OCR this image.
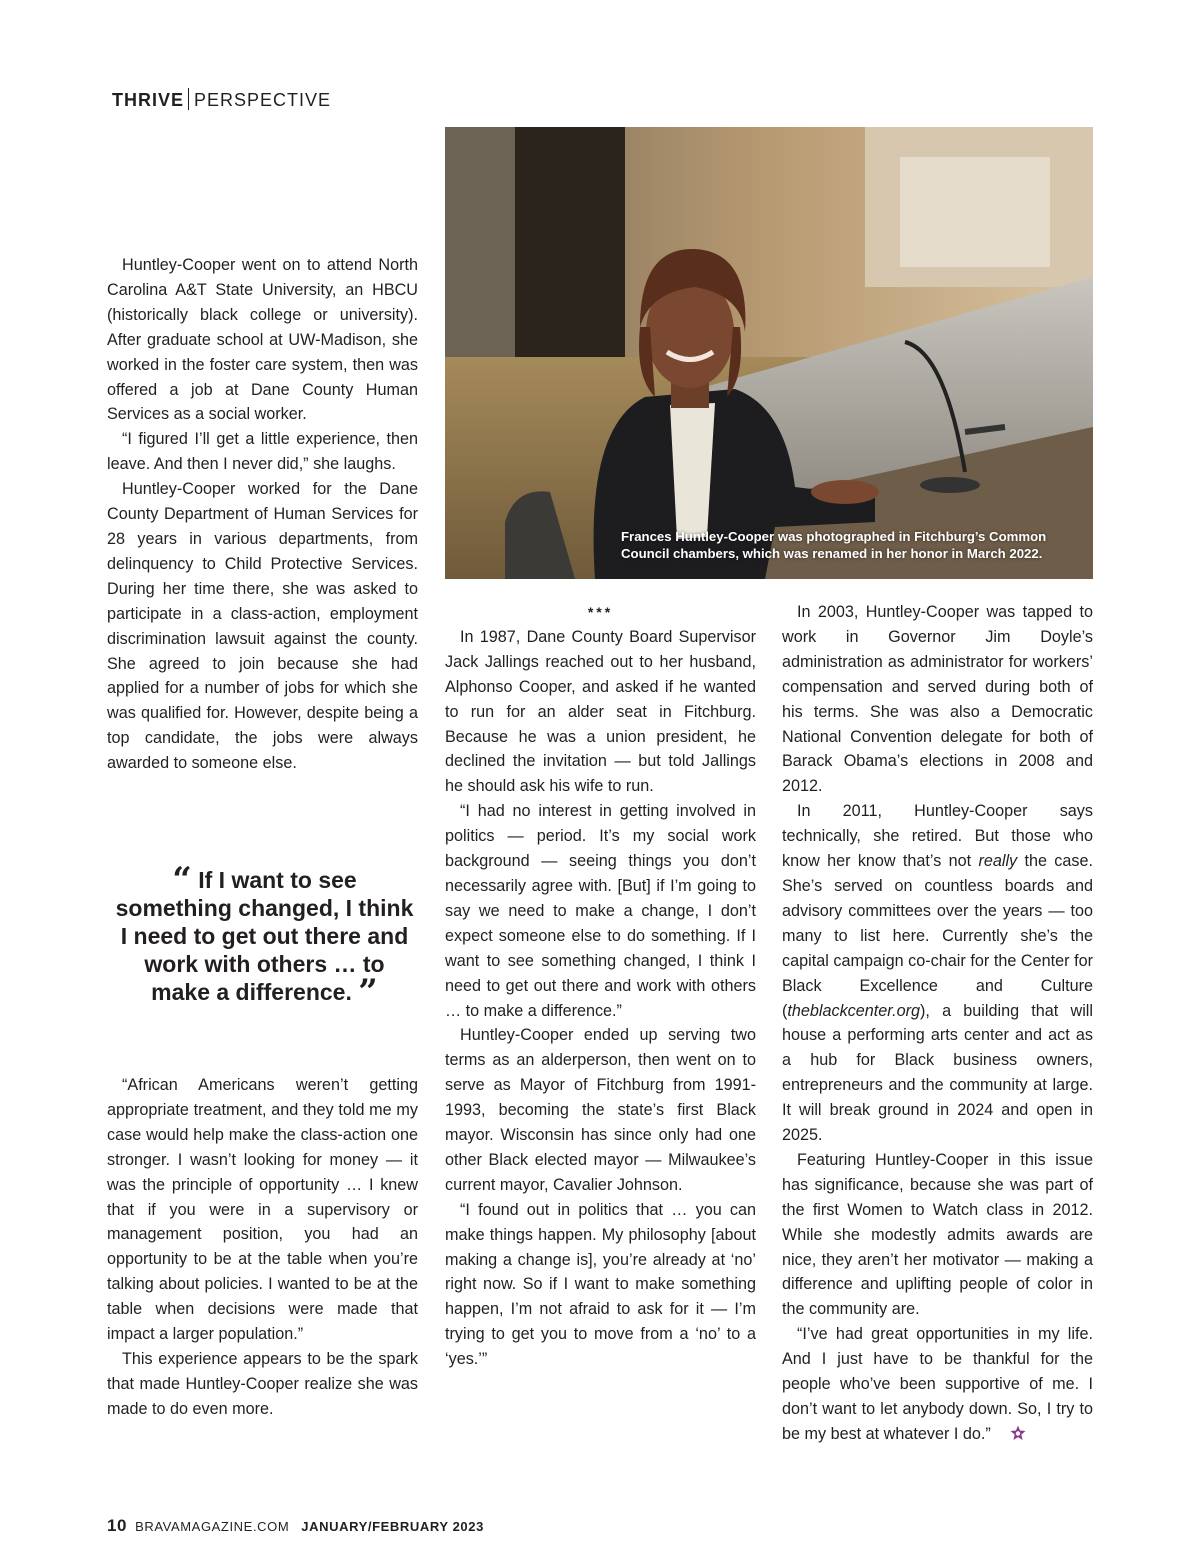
THRIVE PERSPECTIVE
Frances Huntley-Cooper was photographed in Fitchburg’s Common Council chambers, which was renamed in her honor in March 2022.

Huntley-Cooper went on to attend North Carolina A&T State University, an HBCU (historically black college or university). After graduate school at UW-Madison, she worked in the foster care system, then was offered a job at Dane County Human Services as a social worker.

“I figured I’ll get a little experience, then leave. And then I never did,” she laughs.

Huntley-Cooper worked for the Dane County Department of Human Services for 28 years in various departments, from delinquency to Child Protective Services. During her time there, she was asked to participate in a class-action, employment discrimination lawsuit against the county. She agreed to join because she had applied for a number of jobs for which she was qualified for. However, despite being a top candidate, the jobs were always awarded to someone else.

“ If I want to see something changed, I think I need to get out there and work with others … to make a difference. ”

“African Americans weren’t getting appropriate treatment, and they told me my case would help make the class-action one stronger. I wasn’t looking for money — it was the principle of opportunity … I knew that if you were in a supervisory or management position, you had an opportunity to be at the table when you’re talking about policies. I wanted to be at the table when decisions were made that impact a larger population.”

This experience appears to be the spark that made Huntley-Cooper realize she was made to do even more.

***

In 1987, Dane County Board Supervisor Jack Jallings reached out to her husband, Alphonso Cooper, and asked if he wanted to run for an alder seat in Fitchburg. Because he was a union president, he declined the invitation — but told Jallings he should ask his wife to run.

“I had no interest in getting involved in politics — period. It’s my social work background — seeing things you don’t necessarily agree with. [But] if I’m going to say we need to make a change, I don’t expect someone else to do something. If I want to see something changed, I think I need to get out there and work with others … to make a difference.”

Huntley-Cooper ended up serving two terms as an alderperson, then went on to serve as Mayor of Fitchburg from 1991-1993, becoming the state’s first Black mayor. Wisconsin has since only had one other Black elected mayor — Milwaukee’s current mayor, Cavalier Johnson.

“I found out in politics that … you can make things happen. My philosophy [about making a change is], you’re already at ‘no’ right now. So if I want to make something happen, I’m not afraid to ask for it — I’m trying to get you to move from a ‘no’ to a ‘yes.’”

In 2003, Huntley-Cooper was tapped to work in Governor Jim Doyle’s administration as administrator for workers’ compensation and served during both of his terms. She was also a Democratic National Convention delegate for both of Barack Obama’s elections in 2008 and 2012.

In 2011, Huntley-Cooper says technically, she retired. But those who know her know that’s not really the case. She’s served on countless boards and advisory committees over the years — too many to list here. Currently she’s the capital campaign co-chair for the Center for Black Excellence and Culture (theblackcenter.org), a building that will house a performing arts center and act as a hub for Black business owners, entrepreneurs and the community at large. It will break ground in 2024 and open in 2025.

Featuring Huntley-Cooper in this issue has significance, because she was part of the first Women to Watch class in 2012. While she modestly admits awards are nice, they aren’t her motivator — making a difference and uplifting people of color in the community are.

“I’ve had great opportunities in my life. And I just have to be thankful for the people who’ve been supportive of me. I don’t want to let anybody down. So, I try to be my best at whatever I do.”

10 BRAVAMAGAZINE.COM JANUARY/FEBRUARY 2023
